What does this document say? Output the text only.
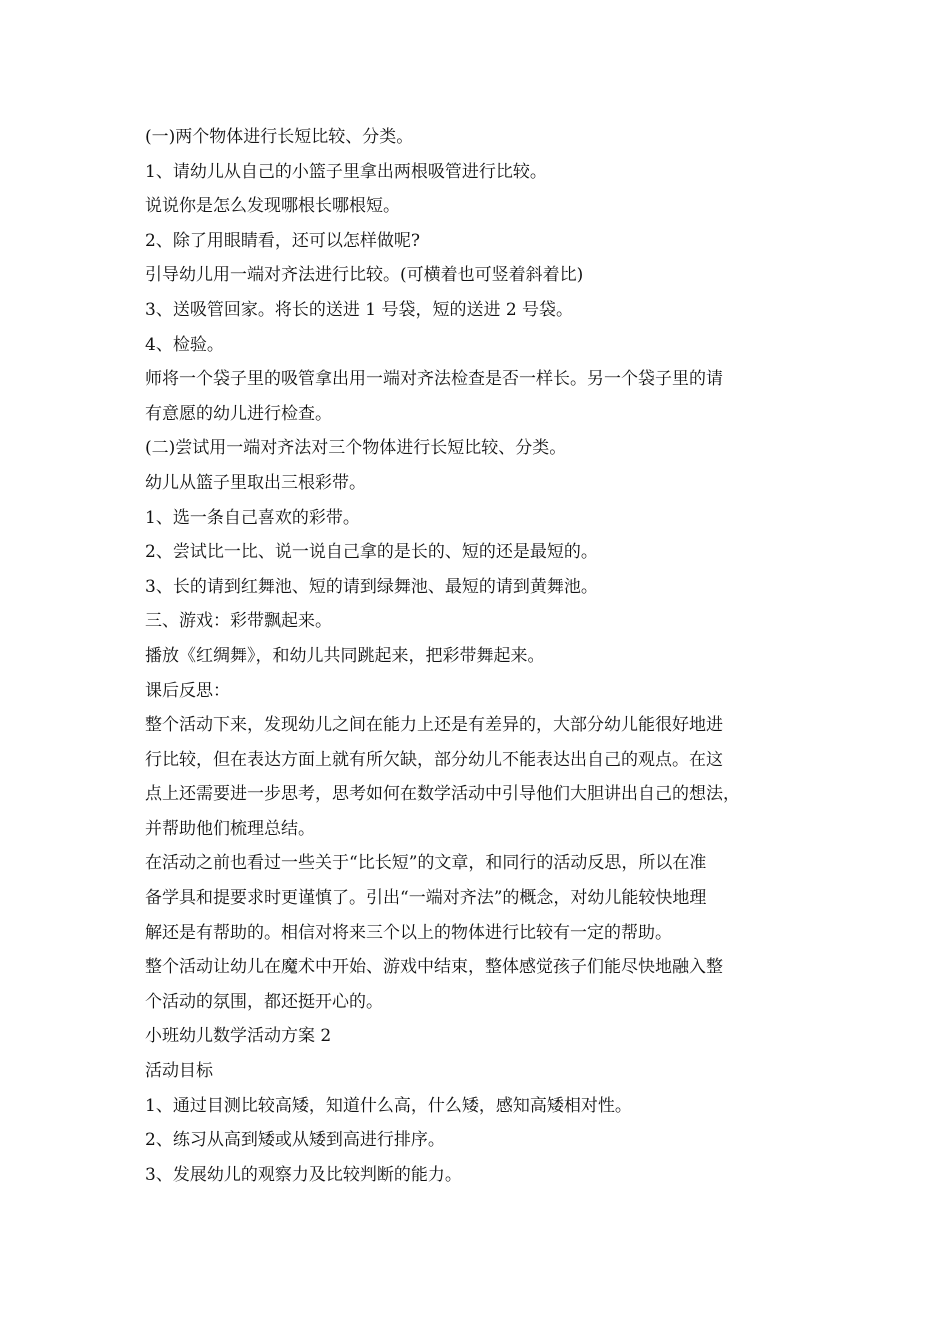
(一)两个物体进行长短比较、分类。
1、请幼儿从自己的小篮子里拿出两根吸管进行比较。
说说你是怎么发现哪根长哪根短。
2、除了用眼睛看，还可以怎样做呢?
引导幼儿用一端对齐法进行比较。(可横着也可竖着斜着比)
3、送吸管回家。将长的送进 1 号袋，短的送进 2 号袋。
4、检验。
师将一个袋子里的吸管拿出用一端对齐法检查是否一样长。另一个袋子里的请
有意愿的幼儿进行检查。
(二)尝试用一端对齐法对三个物体进行长短比较、分类。
幼儿从篮子里取出三根彩带。
1、选一条自己喜欢的彩带。
2、尝试比一比、说一说自己拿的是长的、短的还是最短的。
3、长的请到红舞池、短的请到绿舞池、最短的请到黄舞池。
三、游戏：彩带飘起来。
播放《红绸舞》，和幼儿共同跳起来，把彩带舞起来。
课后反思：
整个活动下来，发现幼儿之间在能力上还是有差异的，大部分幼儿能很好地进
行比较，但在表达方面上就有所欠缺，部分幼儿不能表达出自己的观点。在这
点上还需要进一步思考，思考如何在数学活动中引导他们大胆讲出自己的想法，
并帮助他们梳理总结。
在活动之前也看过一些关于“比长短”的文章，和同行的活动反思，所以在准
备学具和提要求时更谨慎了。引出“一端对齐法”的概念，对幼儿能较快地理
解还是有帮助的。相信对将来三个以上的物体进行比较有一定的帮助。
整个活动让幼儿在魔术中开始、游戏中结束，整体感觉孩子们能尽快地融入整
个活动的氛围，都还挺开心的。
小班幼儿数学活动方案 2
活动目标
1、通过目测比较高矮，知道什么高，什么矮，感知高矮相对性。
2、练习从高到矮或从矮到高进行排序。
3、发展幼儿的观察力及比较判断的能力。
